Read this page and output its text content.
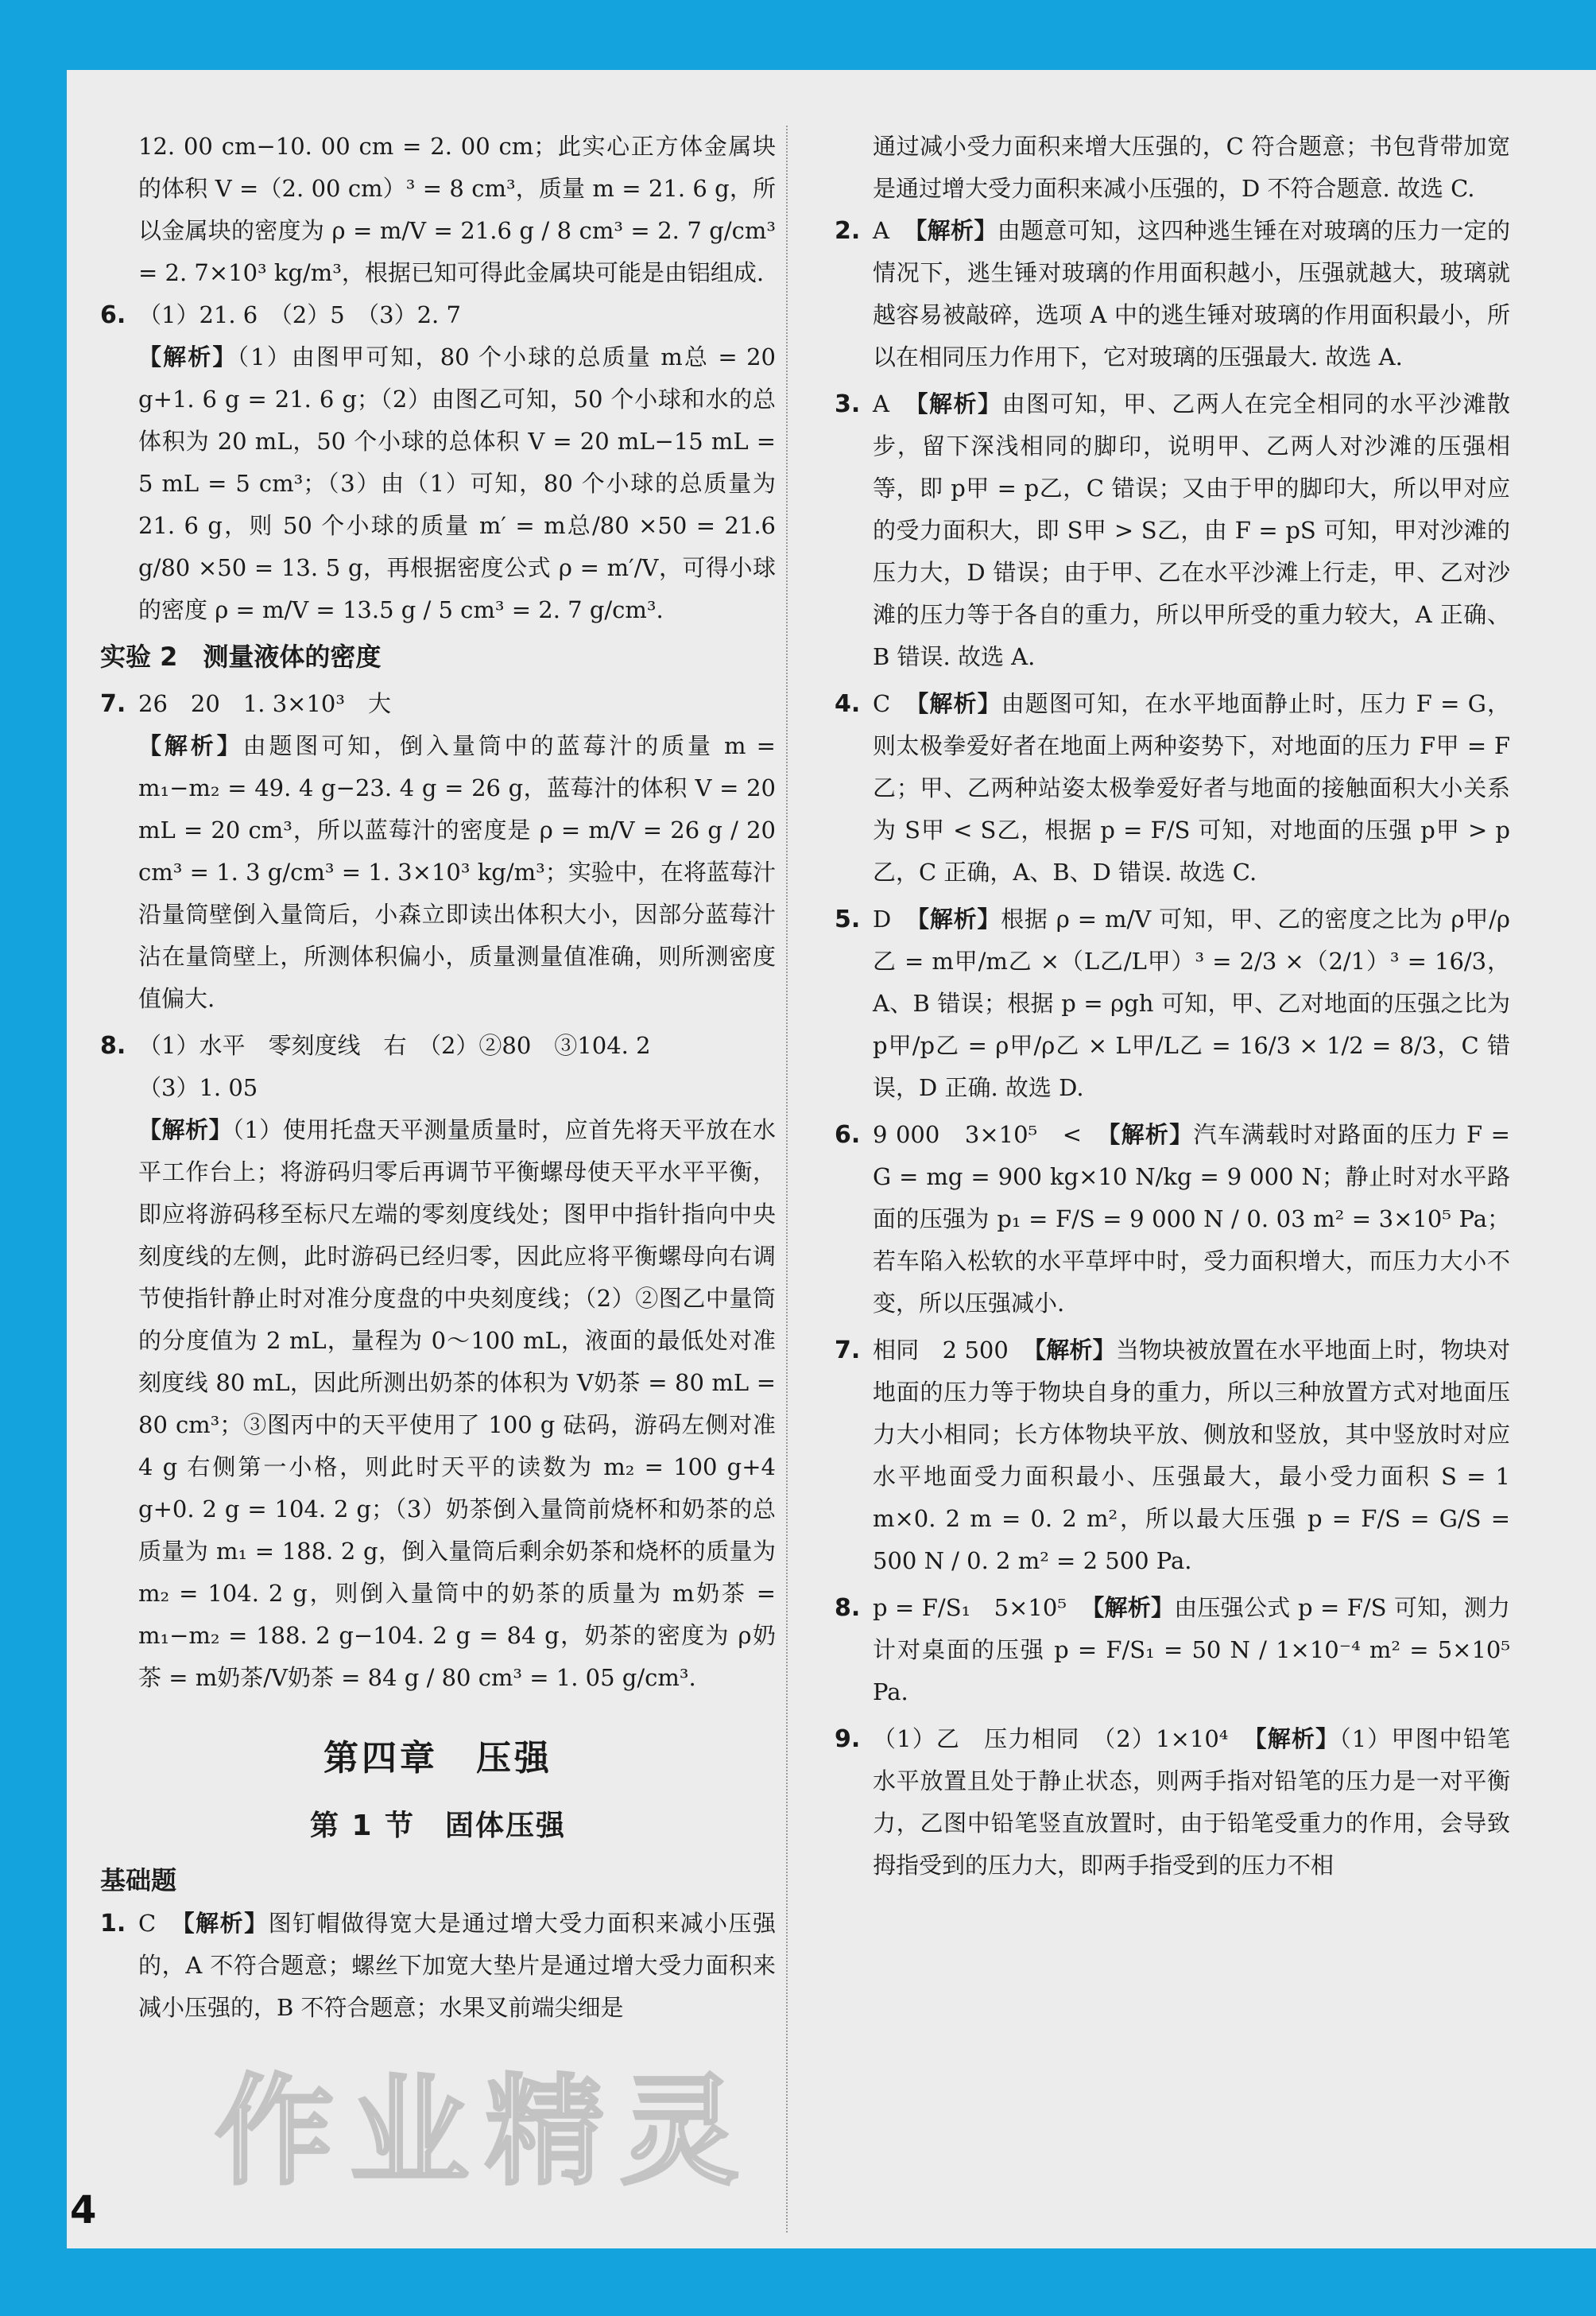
12. 00 cm−10. 00 cm = 2. 00 cm；此实心正方体金属块的体积 V =（2. 00 cm）³ = 8 cm³，质量 m = 21. 6 g，所以金属块的密度为 ρ = m/V = 21.6 g / 8 cm³ = 2. 7 g/cm³ = 2. 7×10³ kg/m³，根据已知可得此金属块可能是由铝组成.
6. （1）21. 6　（2）5　（3）2. 7
【解析】（1）由图甲可知，80 个小球的总质量 m总 = 20 g+1. 6 g = 21. 6 g；（2）由图乙可知，50 个小球和水的总体积为 20 mL，50 个小球的总体积 V = 20 mL−15 mL = 5 mL = 5 cm³；（3）由（1）可知，80 个小球的总质量为 21. 6 g，则 50 个小球的质量 m′ = m总/80 ×50 = 21.6 g/80 ×50 = 13. 5 g，再根据密度公式 ρ = m′/V，可得小球的密度 ρ = m/V = 13.5 g / 5 cm³ = 2. 7 g/cm³.
实验 2　测量液体的密度
7. 26　20　1. 3×10³　大
【解析】由题图可知，倒入量筒中的蓝莓汁的质量 m = m₁−m₂ = 49. 4 g−23. 4 g = 26 g，蓝莓汁的体积 V = 20 mL = 20 cm³，所以蓝莓汁的密度是 ρ = m/V = 26 g / 20 cm³ = 1. 3 g/cm³ = 1. 3×10³ kg/m³；实验中，在将蓝莓汁沿量筒壁倒入量筒后，小森立即读出体积大小，因部分蓝莓汁沾在量筒壁上，所测体积偏小，质量测量值准确，则所测密度值偏大.
8. （1）水平　零刻度线　右　（2）②80　③104. 2
（3）1. 05
【解析】（1）使用托盘天平测量质量时，应首先将天平放在水平工作台上；将游码归零后再调节平衡螺母使天平水平平衡，即应将游码移至标尺左端的零刻度线处；图甲中指针指向中央刻度线的左侧，此时游码已经归零，因此应将平衡螺母向右调节使指针静止时对准分度盘的中央刻度线；（2）②图乙中量筒的分度值为 2 mL，量程为 0～100 mL，液面的最低处对准刻度线 80 mL，因此所测出奶茶的体积为 V奶茶 = 80 mL = 80 cm³；③图丙中的天平使用了 100 g 砝码，游码左侧对准 4 g 右侧第一小格，则此时天平的读数为 m₂ = 100 g+4 g+0. 2 g = 104. 2 g；（3）奶茶倒入量筒前烧杯和奶茶的总质量为 m₁ = 188. 2 g，倒入量筒后剩余奶茶和烧杯的质量为 m₂ = 104. 2 g，则倒入量筒中的奶茶的质量为 m奶茶 = m₁−m₂ = 188. 2 g−104. 2 g = 84 g，奶茶的密度为 ρ奶茶 = m奶茶/V奶茶 = 84 g / 80 cm³ = 1. 05 g/cm³.
第四章　压强
第 1 节　固体压强
基础题
1. C 【解析】图钉帽做得宽大是通过增大受力面积来减小压强的，A 不符合题意；螺丝下加宽大垫片是通过增大受力面积来减小压强的，B 不符合题意；水果叉前端尖细是
通过减小受力面积来增大压强的，C 符合题意；书包背带加宽是通过增大受力面积来减小压强的，D 不符合题意. 故选 C.
2. A 【解析】由题意可知，这四种逃生锤在对玻璃的压力一定的情况下，逃生锤对玻璃的作用面积越小，压强就越大，玻璃就越容易被敲碎，选项 A 中的逃生锤对玻璃的作用面积最小，所以在相同压力作用下，它对玻璃的压强最大. 故选 A.
3. A 【解析】由图可知，甲、乙两人在完全相同的水平沙滩散步，留下深浅相同的脚印，说明甲、乙两人对沙滩的压强相等，即 p甲 = p乙，C 错误；又由于甲的脚印大，所以甲对应的受力面积大，即 S甲 > S乙，由 F = pS 可知，甲对沙滩的压力大，D 错误；由于甲、乙在水平沙滩上行走，甲、乙对沙滩的压力等于各自的重力，所以甲所受的重力较大，A 正确、B 错误. 故选 A.
4. C 【解析】由题图可知，在水平地面静止时，压力 F = G，则太极拳爱好者在地面上两种姿势下，对地面的压力 F甲 = F乙；甲、乙两种站姿太极拳爱好者与地面的接触面积大小关系为 S甲 < S乙，根据 p = F/S 可知，对地面的压强 p甲 > p乙，C 正确，A、B、D 错误. 故选 C.
5. D 【解析】根据 ρ = m/V 可知，甲、乙的密度之比为 ρ甲/ρ乙 = m甲/m乙 ×（L乙/L甲）³ = 2/3 ×（2/1）³ = 16/3，A、B 错误；根据 p = ρgh 可知，甲、乙对地面的压强之比为 p甲/p乙 = ρ甲/ρ乙 × L甲/L乙 = 16/3 × 1/2 = 8/3，C 错误，D 正确. 故选 D.
6. 9 000　3×10⁵　< 【解析】汽车满载时对路面的压力 F = G = mg = 900 kg×10 N/kg = 9 000 N；静止时对水平路面的压强为 p₁ = F/S = 9 000 N / 0. 03 m² = 3×10⁵ Pa；若车陷入松软的水平草坪中时，受力面积增大，而压力大小不变，所以压强减小.
7. 相同　2 500 【解析】当物块被放置在水平地面上时，物块对地面的压力等于物块自身的重力，所以三种放置方式对地面压力大小相同；长方体物块平放、侧放和竖放，其中竖放时对应水平地面受力面积最小、压强最大，最小受力面积 S = 1 m×0. 2 m = 0. 2 m²，所以最大压强 p = F/S = G/S = 500 N / 0. 2 m² = 2 500 Pa.
8. p = F/S₁　5×10⁵ 【解析】由压强公式 p = F/S 可知，测力计对桌面的压强 p = F/S₁ = 50 N / 1×10⁻⁴ m² = 5×10⁵ Pa.
9. （1）乙　压力相同　（2）1×10⁴ 【解析】（1）甲图中铅笔水平放置且处于静止状态，则两手指对铅笔的压力是一对平衡力，乙图中铅笔竖直放置时，由于铅笔受重力的作用，会导致拇指受到的压力大，即两手指受到的压力不相
作业精灵
4
